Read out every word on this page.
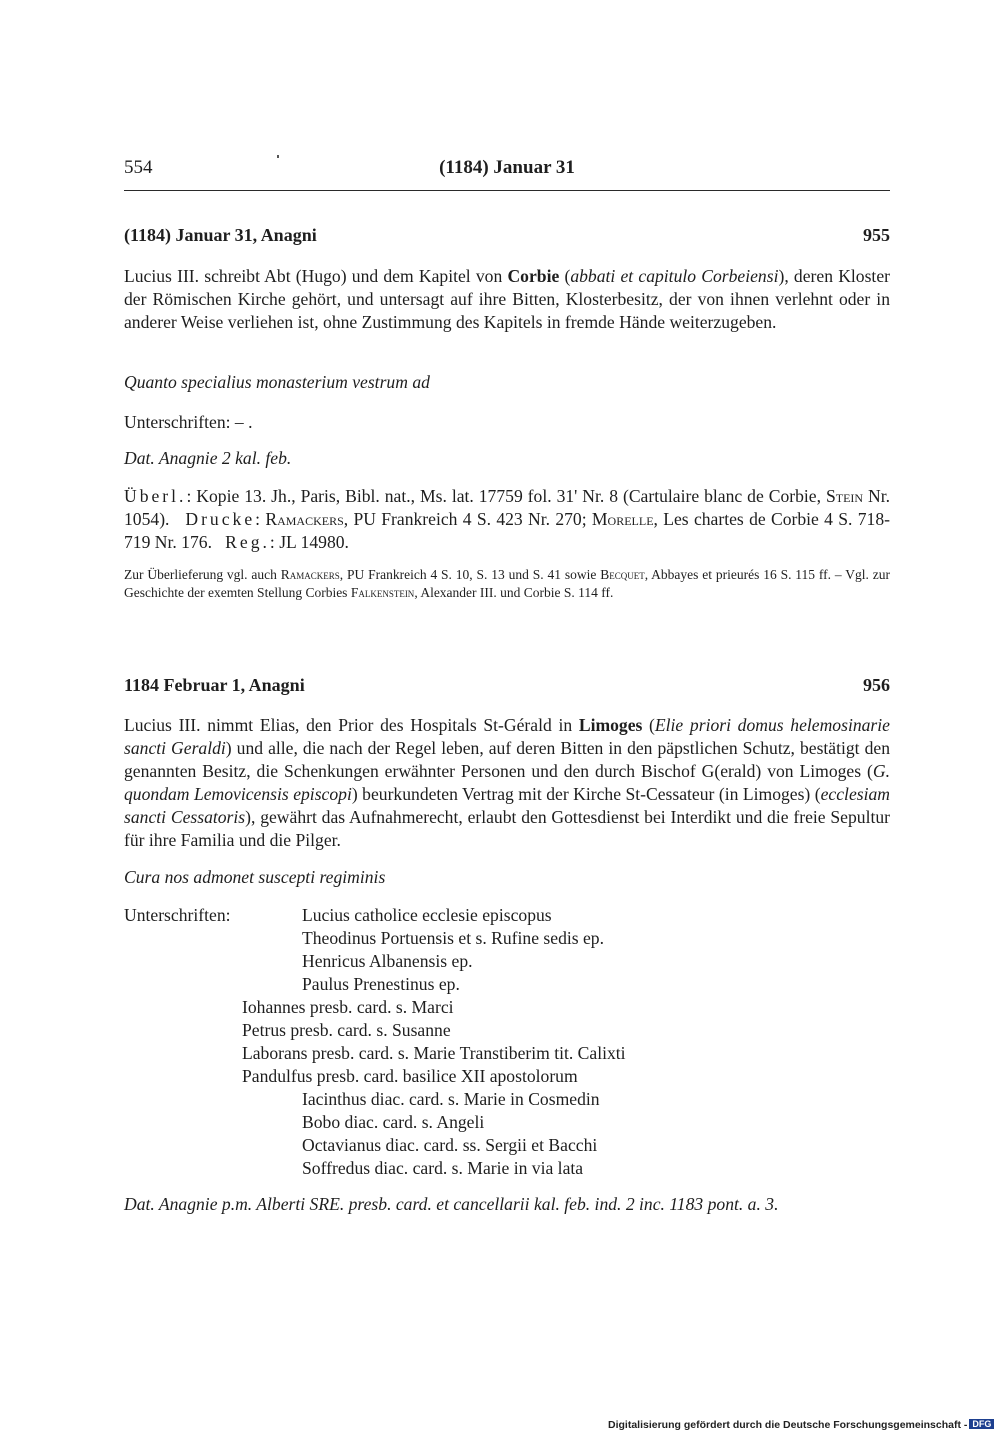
554	(1184) Januar 31
(1184) Januar 31, Anagni	955

Lucius III. schreibt Abt (Hugo) und dem Kapitel von Corbie (abbati et capitulo Corbeiensi), deren Kloster der Römischen Kirche gehört, und untersagt auf ihre Bitten, Klosterbesitz, der von ihnen verlehnt oder in anderer Weise verliehen ist, ohne Zustimmung des Kapitels in fremde Hände weiterzugeben.

Quanto specialius monasterium vestrum ad

Unterschriften: – .

Dat. Anagnie 2 kal. feb.

Überl.: Kopie 13. Jh., Paris, Bibl. nat., Ms. lat. 17759 fol. 31' Nr. 8 (Cartulaire blanc de Corbie, Stein Nr. 1054). Drucke: Ramackers, PU Frankreich 4 S. 423 Nr. 270; Morelle, Les chartes de Corbie 4 S. 718-719 Nr. 176. Reg.: JL 14980.

Zur Überlieferung vgl. auch Ramackers, PU Frankreich 4 S. 10, S. 13 und S. 41 sowie Becquet, Abbayes et prieurés 16 S. 115 ff. – Vgl. zur Geschichte der exemten Stellung Corbies Falkenstein, Alexander III. und Corbie S. 114 ff.

1184 Februar 1, Anagni	956

Lucius III. nimmt Elias, den Prior des Hospitals St-Gérald in Limoges (Elie priori domus helemosinarie sancti Geraldi) und alle, die nach der Regel leben, auf deren Bitten in den päpstlichen Schutz, bestätigt den genannten Besitz, die Schenkungen erwähnter Personen und den durch Bischof G(erald) von Limoges (G. quondam Lemovicensis episcopi) beurkundeten Vertrag mit der Kirche St-Cessateur (in Limoges) (ecclesiam sancti Cessatoris), gewährt das Aufnahmerecht, erlaubt den Gottesdienst bei Interdikt und die freie Sepultur für ihre Familia und die Pilger.

Cura nos admonet suscepti regiminis

Unterschriften:	Lucius catholice ecclesie episcopus
Theodinus Portuensis et s. Rufine sedis ep.
Henricus Albanensis ep.
Paulus Prenestinus ep.
Iohannes presb. card. s. Marci
Petrus presb. card. s. Susanne
Laborans presb. card. s. Marie Transtiberim tit. Calixti
Pandulfus presb. card. basilice XII apostolorum
Iacinthus diac. card. s. Marie in Cosmedin
Bobo diac. card. s. Angeli
Octavianus diac. card. ss. Sergii et Bacchi
Soffredus diac. card. s. Marie in via lata

Dat. Anagnie p.m. Alberti SRE. presb. card. et cancellarii kal. feb. ind. 2 inc. 1183 pont. a. 3.

Digitalisierung gefördert durch die Deutsche Forschungsgemeinschaft - DFG
